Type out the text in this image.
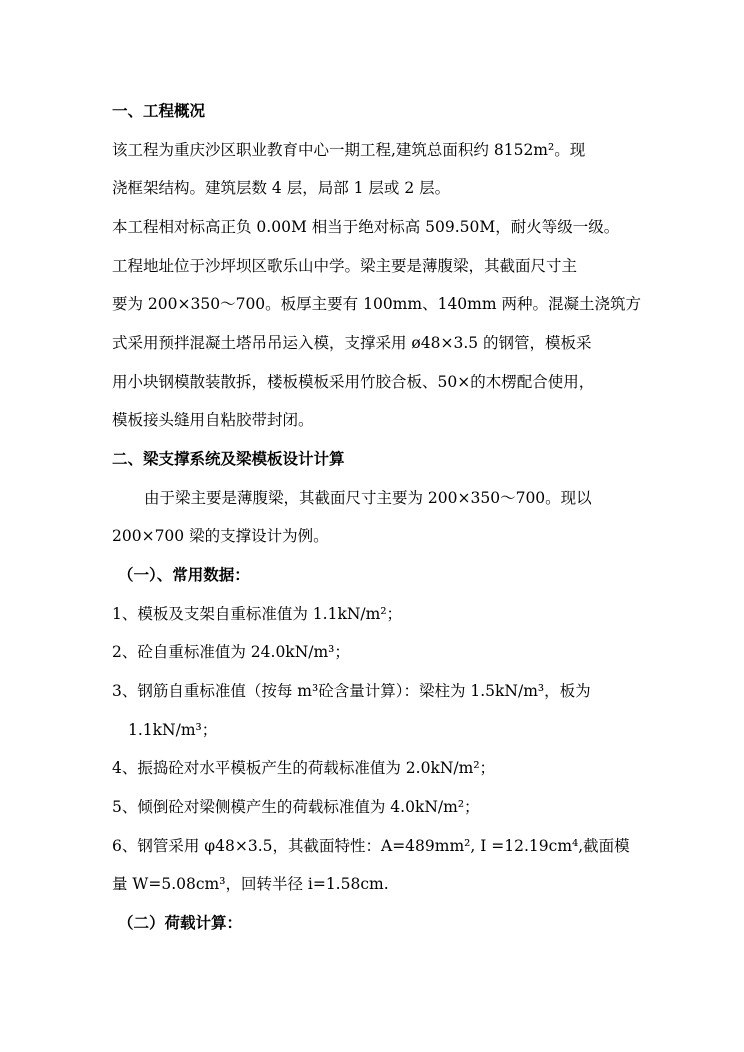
一、工程概况
该工程为重庆沙区职业教育中心一期工程,建筑总面积约 8152m²。现
浇框架结构。建筑层数 4 层，局部 1 层或 2 层。
本工程相对标高正负 0.00M 相当于绝对标高 509.50M，耐火等级一级。
工程地址位于沙坪坝区歌乐山中学。梁主要是薄腹梁，其截面尺寸主
要为 200×350～700。板厚主要有 100mm、140mm 两种。混凝土浇筑方
式采用预拌混凝土塔吊吊运入模，支撑采用 ø48×3.5 的钢管，模板采
用小块钢模散装散拆，楼板模板采用竹胶合板、50×的木楞配合使用，
模板接头缝用自粘胶带封闭。
二、梁支撑系统及梁模板设计计算
由于梁主要是薄腹梁，其截面尺寸主要为 200×350～700。现以
200×700 梁的支撑设计为例。
（一）、常用数据：
1、模板及支架自重标准值为 1.1kN/m²；
2、砼自重标准值为 24.0kN/m³；
3、钢筋自重标准值（按每 m³砼含量计算）：梁柱为 1.5kN/m³，板为
1.1kN/m³；
4、振捣砼对水平模板产生的荷载标准值为 2.0kN/m²；
5、倾倒砼对梁侧模产生的荷载标准值为 4.0kN/m²；
6、钢管采用 φ48×3.5，其截面特性：A=489mm², I =12.19cm⁴,截面模
量 W=5.08cm³，回转半径 i=1.58cm.
（二）荷载计算：
